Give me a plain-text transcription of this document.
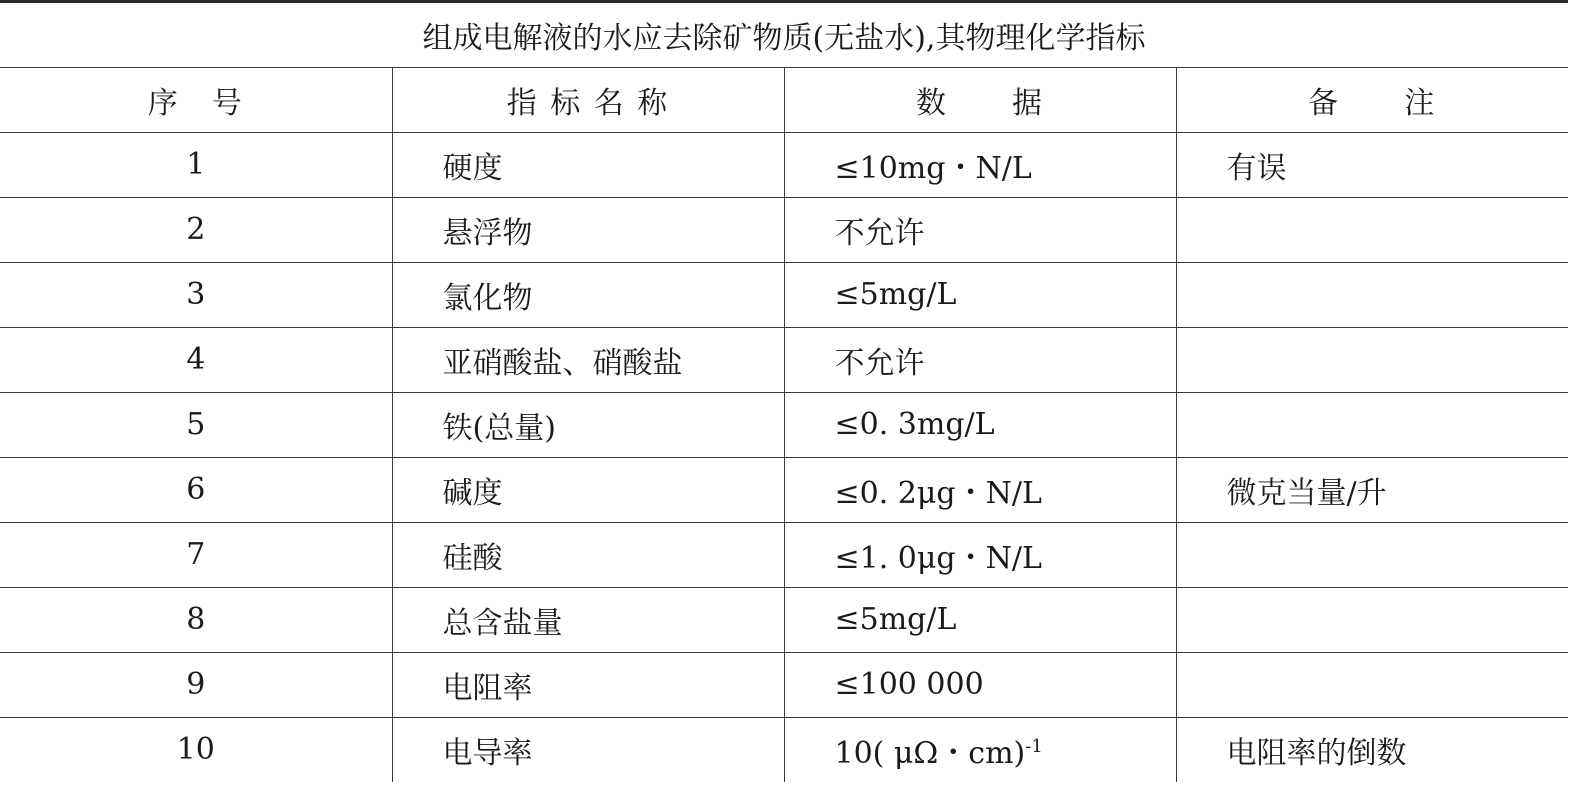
组成电解液的水应去除矿物质(无盐水),其物理化学指标			
序　号	指 标 名 称	数　　据	备　　注
1	硬度	≤10mg・N/L	有误
2	悬浮物	不允许	
3	氯化物	≤5mg/L	
4	亚硝酸盐、硝酸盐	不允许	
5	铁(总量)	≤0. 3mg/L	
6	碱度	≤0. 2μg・N/L	微克当量/升
7	硅酸	≤1. 0μg・N/L	
8	总含盐量	≤5mg/L	
9	电阻率	≤100 000	
10	电导率	10( μΩ・cm)$^{-1}$	电阻率的倒数
